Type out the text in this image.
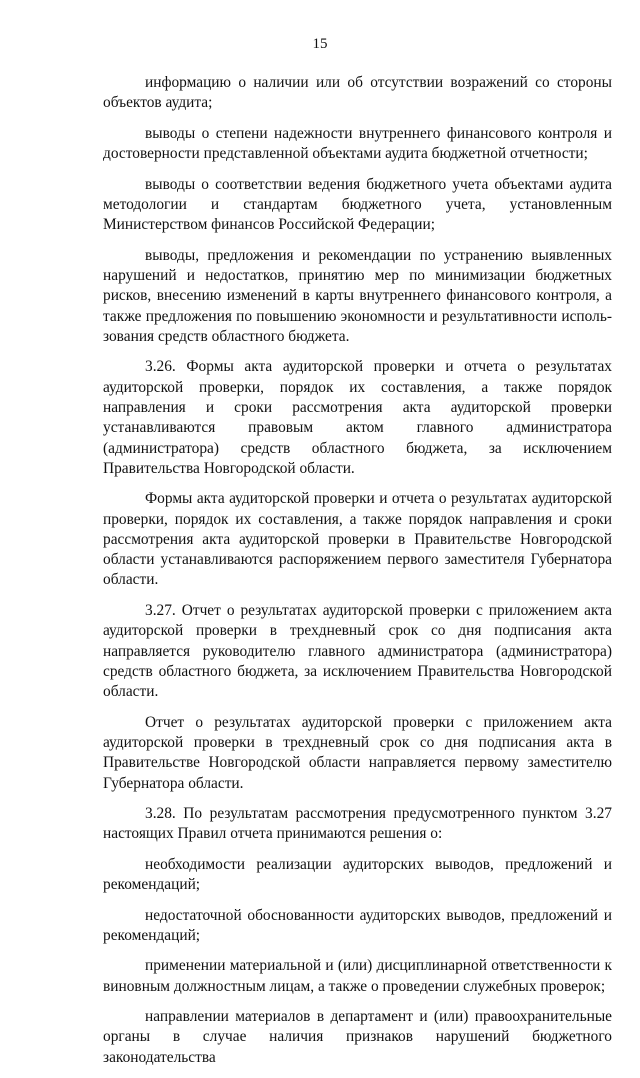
15

информацию о наличии или об отсутствии возражений со стороны объектов аудита;

выводы о степени надежности внутреннего финансового контроля и достоверности представленной объектами аудита бюджетной отчетности;

выводы о соответствии ведения бюджетного учета объектами аудита методологии и стандартам бюджетного учета, установленным Министерством финансов Российской Федерации;

выводы, предложения и рекомендации по устранению выявленных нарушений и недостатков, принятию мер по минимизации бюджетных рисков, внесению изменений в карты внутреннего финансового контроля, а также предложения по повышению экономности и результативности использования средств областного бюджета.

3.26. Формы акта аудиторской проверки и отчета о результатах аудиторской проверки, порядок их составления, а также порядок направления и сроки рассмотрения акта аудиторской проверки устанавливаются правовым актом главного администратора (администратора) средств областного бюджета, за исключением Правительства Новгородской области.

Формы акта аудиторской проверки и отчета о результатах аудиторской проверки, порядок их составления, а также порядок направления и сроки рассмотрения акта аудиторской проверки в Правительстве Новгородской области устанавливаются распоряжением первого заместителя Губернатора области.

3.27. Отчет о результатах аудиторской проверки с приложением акта аудиторской проверки в трехдневный срок со дня подписания акта направляется руководителю главного администратора (администратора) средств областного бюджета, за исключением Правительства Новгородской области.

Отчет о результатах аудиторской проверки с приложением акта аудиторской проверки в трехдневный срок со дня подписания акта в Правительстве Новгородской области направляется первому заместителю Губернатора области.

3.28. По результатам рассмотрения предусмотренного пунктом 3.27 настоящих Правил отчета принимаются решения о:

необходимости реализации аудиторских выводов, предложений и рекомендаций;

недостаточной обоснованности аудиторских выводов, предложений и рекомендаций;

применении материальной и (или) дисциплинарной ответственности к виновным должностным лицам, а также о проведении служебных проверок;

направлении материалов в департамент и (или) правоохранительные органы в случае наличия признаков нарушений бюджетного законодательства
